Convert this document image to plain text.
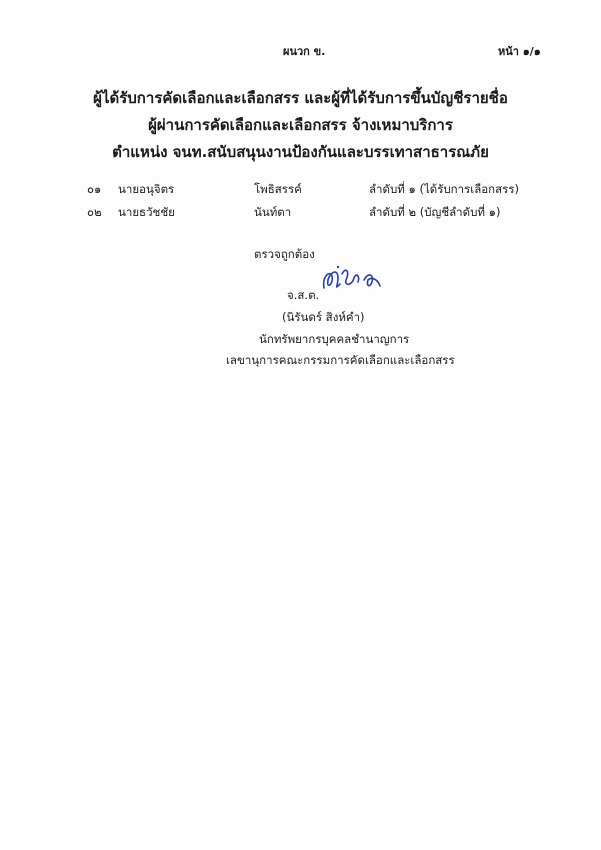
ผนวก ข.	หน้า ๑/๑
ผู้ได้รับการคัดเลือกและเลือกสรร และผู้ที่ได้รับการขึ้นบัญชีรายชื่อ
ผู้ผ่านการคัดเลือกและเลือกสรร จ้างเหมาบริการ
ตำแหน่ง จนท.สนับสนุนงานป้องกันและบรรเทาสาธารณภัย
๐๑ นายอนุจิตร	โพธิสรรค์	ลำดับที่ ๑ (ได้รับการเลือกสรร)
๐๒ นายธวัชชัย	นันท์ตา	ลำดับที่ ๒ (บัญชีลำดับที่ ๑)
ตรวจถูกต้อง
จ.ส.ต.
(นิรันดร์ สิงห์คำ)
นักทรัพยากรบุคคลชำนาญการ
เลขานุการคณะกรรมการคัดเลือกและเลือกสรร
